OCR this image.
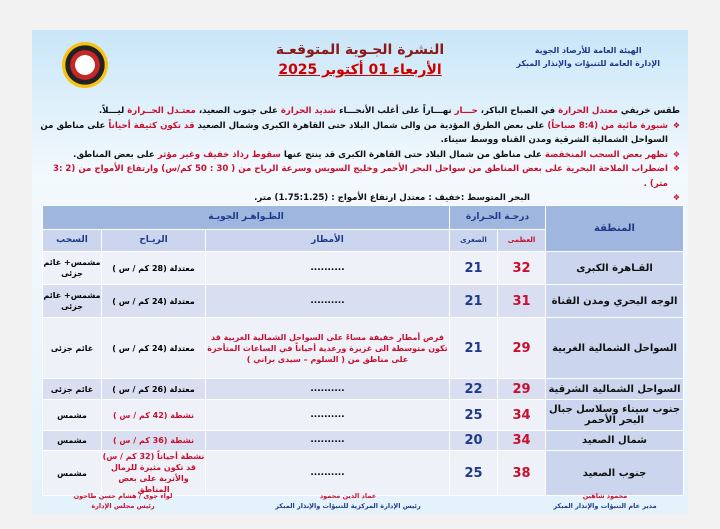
الهيئة العامة للأرصاد الجوية
الإدارة العامة للتنبؤات والإنذار المبكر
النشرة الجـوية المتوقعـة
الأربعاء 01 أكتوبر 2025
طقس خريفي معتدل الحرارة في الصباح الباكر، حـــار نهـــاراً على أغلب الأنحـــاء شديد الحرارة على جنوب الصعيد، معتـدل الحــرارة ليـــلاً.
❖ شبورة مائية من (8:4 صباحاً) على بعض الطرق المؤدية من والى شمال البلاد حتى القاهرة الكبرى وشمال الصعيد قد تكون كثيفة أحياناً على مناطق من السواحل الشمالية الشرقية ومدن القناه ووسط سيناء.
❖ تظهر بعض السحب المنخفضة على مناطق من شمال البلاد حتى القاهرة الكبرى قد ينتج عنها سقوط رذاذ خفيف وغير مؤثر على بعض المناطق.
❖ اضطراب الملاحة البحرية على بعض المناطق من سواحل البحر الأحمر وخليج السويس وسرعة الرياح من ( 30 : 50 كم/س) وارتفاع الأمواج من (2 :3 متر) .
❖ البحر المتوسط :خفيف : معتدل ارتفاع الأمواج : (1.75:1.25) متر.
المنطقة	درجـة الحـرارة		الظـواهـر الجويـة		
	العظمى	الصغرى	الأمطار	الريـاح	السحب
القـاهرة الكبرى	32	21	..........	معتدلة (28 كم / س )	مشمس+ غائم جزئى
الوجه البحري ومدن القناة	31	21	..........	معتدلة (24 كم / س )	مشمس+ غائم جزئى
السواحل الشمالية الغربية	29	21	فرص أمطار خفيفة مساءً على السواحل الشمالية الغربية قد تكون متوسطة الى غزيرة ورعدية أحياناً في الساعات المتأخرة على مناطق من ( السلوم – سيدى براني )	معتدلة (24 كم / س )	غائم جزئى
السواحل الشمالية الشرقية	29	22	..........	معتدلة (26 كم / س )	غائم جزئى
جنوب سيناء وسلاسل جبال البحر الأحمر	34	25	..........	نشطة (42 كم / س )	مشمس
شمال الصعيد	34	20	..........	نشطة (36 كم / س )	مشمس
جنوب الصعيد	38	25	..........	نشطة أحياناً (32 كم / س) قد تكون مثيرة للرمال والأتربة على بعض المناطق	مشمس
محمود شاهين
مدير عام التنبؤات والإنذار المبكر
عماد الدين محمود
رئيس الإدارة المركزية للتنبؤات والإنذار المبكر
لواء جوى / هشام حسن طاحون
رئيس مجلس الإدارة
